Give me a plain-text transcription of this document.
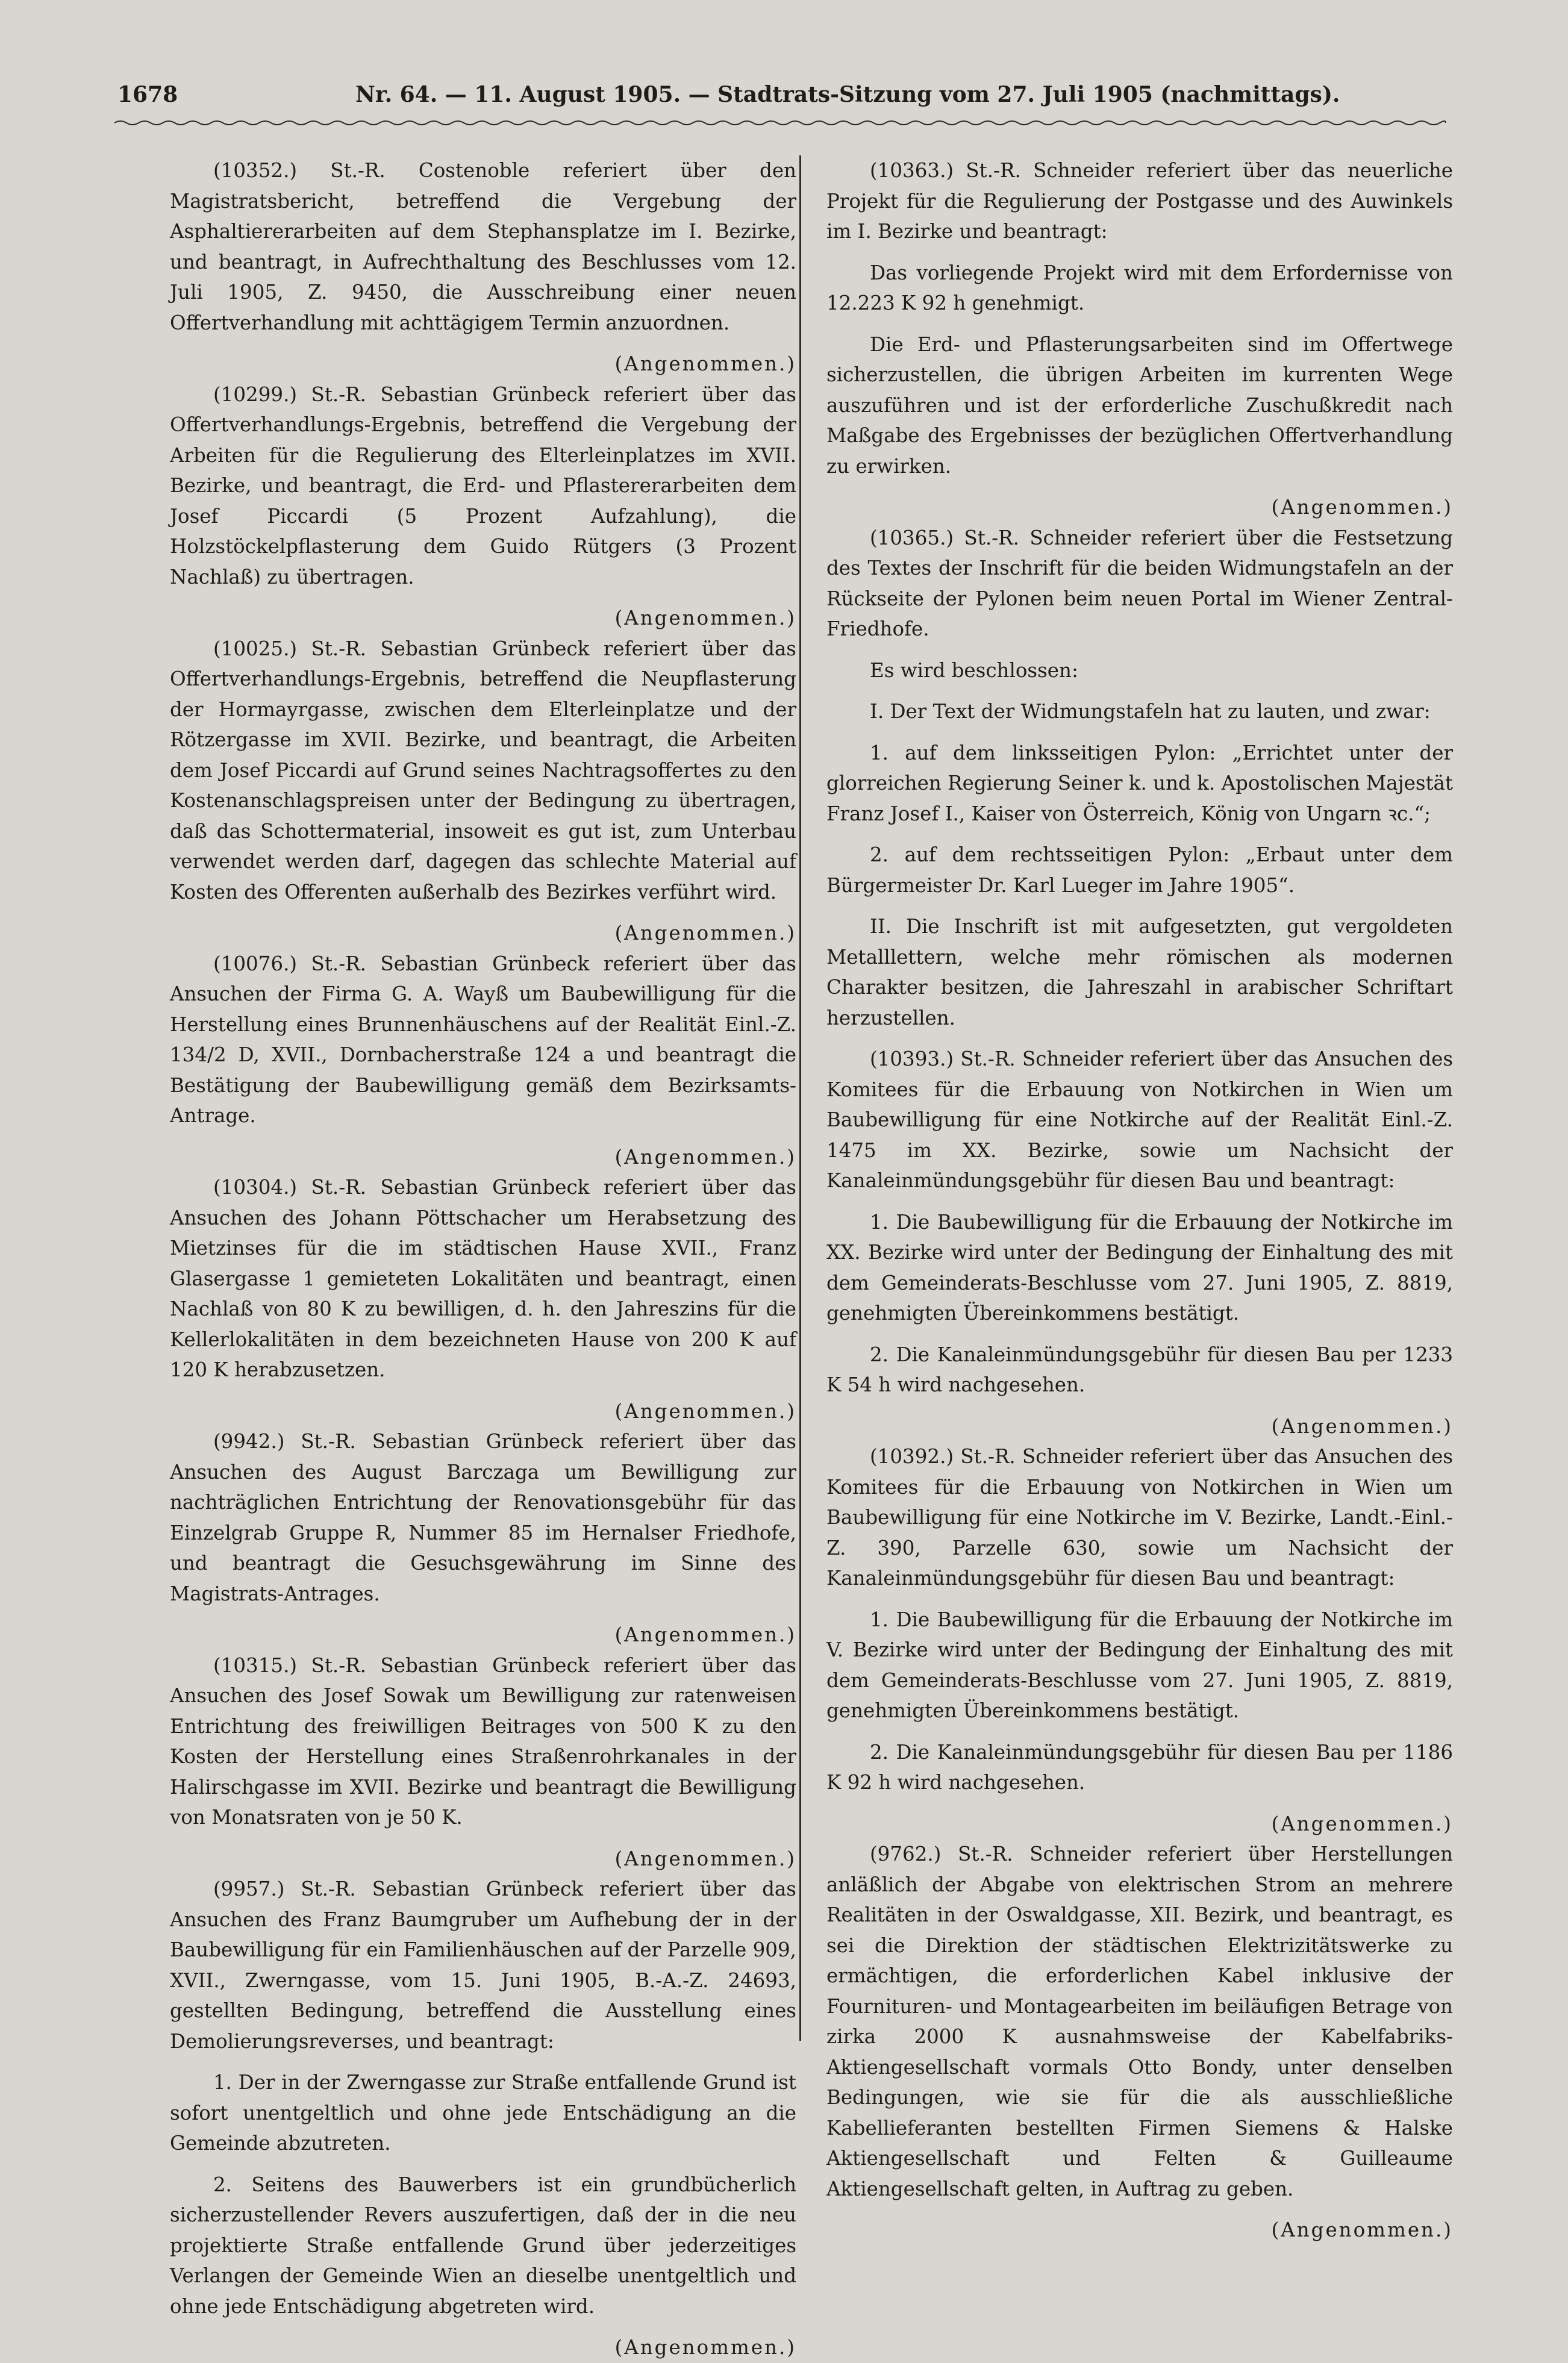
1678	Nr. 64. — 11. August 1905. — Stadtrats-Sitzung vom 27. Juli 1905 (nachmittags).

(10352.) St.-R. Costenoble referiert über den Magistratsbericht, betreffend die Vergebung der Asphaltiererarbeiten auf dem Stephansplatze im I. Bezirke, und beantragt, in Aufrechthaltung des Beschlusses vom 12. Juli 1905, Z. 9450, die Ausschreibung einer neuen Offertverhandlung mit achttägigem Termin anzuordnen.

(Angenommen.)

(10299.) St.-R. Sebastian Grünbeck referiert über das Offertverhandlungs-Ergebnis, betreffend die Vergebung der Arbeiten für die Regulierung des Elterleinplatzes im XVII. Bezirke, und beantragt, die Erd- und Pflastererarbeiten dem Josef Piccardi (5 Prozent Aufzahlung), die Holzstöckelpflasterung dem Guido Rütgers (3 Prozent Nachlaß) zu übertragen.

(Angenommen.)

(10025.) St.-R. Sebastian Grünbeck referiert über das Offertverhandlungs-Ergebnis, betreffend die Neupflasterung der Hormayrgasse, zwischen dem Elterleinplatze und der Rötzergasse im XVII. Bezirke, und beantragt, die Arbeiten dem Josef Piccardi auf Grund seines Nachtragsoffertes zu den Kostenanschlagspreisen unter der Bedingung zu übertragen, daß das Schottermaterial, insoweit es gut ist, zum Unterbau verwendet werden darf, dagegen das schlechte Material auf Kosten des Offerenten außerhalb des Bezirkes verführt wird.

(Angenommen.)

(10076.) St.-R. Sebastian Grünbeck referiert über das Ansuchen der Firma G. A. Wayß um Baubewilligung für die Herstellung eines Brunnenhäuschens auf der Realität Einl.-Z. 134/2 D, XVII., Dornbacherstraße 124 a und beantragt die Bestätigung der Baubewilligung gemäß dem Bezirksamts-Antrage.

(Angenommen.)

(10304.) St.-R. Sebastian Grünbeck referiert über das Ansuchen des Johann Pöttschacher um Herabsetzung des Mietzinses für die im städtischen Hause XVII., Franz Glasergasse 1 gemieteten Lokalitäten und beantragt, einen Nachlaß von 80 K zu bewilligen, d. h. den Jahreszins für die Kellerlokalitäten in dem bezeichneten Hause von 200 K auf 120 K herabzusetzen.

(Angenommen.)

(9942.) St.-R. Sebastian Grünbeck referiert über das Ansuchen des August Barczaga um Bewilligung zur nachträglichen Entrichtung der Renovationsgebühr für das Einzelgrab Gruppe R, Nummer 85 im Hernalser Friedhofe, und beantragt die Gesuchsgewährung im Sinne des Magistrats-Antrages.

(Angenommen.)

(10315.) St.-R. Sebastian Grünbeck referiert über das Ansuchen des Josef Sowak um Bewilligung zur ratenweisen Entrichtung des freiwilligen Beitrages von 500 K zu den Kosten der Herstellung eines Straßenrohrkanales in der Halirschgasse im XVII. Bezirke und beantragt die Bewilligung von Monatsraten von je 50 K.

(Angenommen.)

(9957.) St.-R. Sebastian Grünbeck referiert über das Ansuchen des Franz Baumgruber um Aufhebung der in der Baubewilligung für ein Familienhäuschen auf der Parzelle 909, XVII., Zwerngasse, vom 15. Juni 1905, B.-A.-Z. 24693, gestellten Bedingung, betreffend die Ausstellung eines Demolierungsreverses, und beantragt:

1. Der in der Zwerngasse zur Straße entfallende Grund ist sofort unentgeltlich und ohne jede Entschädigung an die Gemeinde abzutreten.

2. Seitens des Bauwerbers ist ein grundbücherlich sicherzustellender Revers auszufertigen, daß der in die neu projektierte Straße entfallende Grund über jederzeitiges Verlangen der Gemeinde Wien an dieselbe unentgeltlich und ohne jede Entschädigung abgetreten wird.

(Angenommen.)

(10363.) St.-R. Schneider referiert über das neuerliche Projekt für die Regulierung der Postgasse und des Auwinkels im I. Bezirke und beantragt:

Das vorliegende Projekt wird mit dem Erfordernisse von 12.223 K 92 h genehmigt.

Die Erd- und Pflasterungsarbeiten sind im Offertwege sicherzustellen, die übrigen Arbeiten im kurrenten Wege auszuführen und ist der erforderliche Zuschußkredit nach Maßgabe des Ergebnisses der bezüglichen Offertverhandlung zu erwirken.

(Angenommen.)

(10365.) St.-R. Schneider referiert über die Festsetzung des Textes der Inschrift für die beiden Widmungstafeln an der Rückseite der Pylonen beim neuen Portal im Wiener Zentral-Friedhofe.

Es wird beschlossen:

I. Der Text der Widmungstafeln hat zu lauten, und zwar:

1. auf dem linksseitigen Pylon: „Errichtet unter der glorreichen Regierung Seiner k. und k. Apostolischen Majestät Franz Josef I., Kaiser von Österreich, König von Ungarn ꝛc.“;

2. auf dem rechtsseitigen Pylon: „Erbaut unter dem Bürgermeister Dr. Karl Lueger im Jahre 1905“.

II. Die Inschrift ist mit aufgesetzten, gut vergoldeten Metalllettern, welche mehr römischen als modernen Charakter besitzen, die Jahreszahl in arabischer Schriftart herzustellen.

(10393.) St.-R. Schneider referiert über das Ansuchen des Komitees für die Erbauung von Notkirchen in Wien um Baubewilligung für eine Notkirche auf der Realität Einl.-Z. 1475 im XX. Bezirke, sowie um Nachsicht der Kanaleinmündungsgebühr für diesen Bau und beantragt:

1. Die Baubewilligung für die Erbauung der Notkirche im XX. Bezirke wird unter der Bedingung der Einhaltung des mit dem Gemeinderats-Beschlusse vom 27. Juni 1905, Z. 8819, genehmigten Übereinkommens bestätigt.

2. Die Kanaleinmündungsgebühr für diesen Bau per 1233 K 54 h wird nachgesehen.

(Angenommen.)

(10392.) St.-R. Schneider referiert über das Ansuchen des Komitees für die Erbauung von Notkirchen in Wien um Baubewilligung für eine Notkirche im V. Bezirke, Landt.-Einl.-Z. 390, Parzelle 630, sowie um Nachsicht der Kanaleinmündungsgebühr für diesen Bau und beantragt:

1. Die Baubewilligung für die Erbauung der Notkirche im V. Bezirke wird unter der Bedingung der Einhaltung des mit dem Gemeinderats-Beschlusse vom 27. Juni 1905, Z. 8819, genehmigten Übereinkommens bestätigt.

2. Die Kanaleinmündungsgebühr für diesen Bau per 1186 K 92 h wird nachgesehen.

(Angenommen.)

(9762.) St.-R. Schneider referiert über Herstellungen anläßlich der Abgabe von elektrischen Strom an mehrere Realitäten in der Oswaldgasse, XII. Bezirk, und beantragt, es sei die Direktion der städtischen Elektrizitätswerke zu ermächtigen, die erforderlichen Kabel inklusive der Fournituren- und Montagearbeiten im beiläufigen Betrage von zirka 2000 K ausnahmsweise der Kabelfabriks-Aktiengesellschaft vormals Otto Bondy, unter denselben Bedingungen, wie sie für die als ausschließliche Kabellieferanten bestellten Firmen Siemens & Halske Aktiengesellschaft und Felten & Guilleaume Aktiengesellschaft gelten, in Auftrag zu geben.

(Angenommen.)
